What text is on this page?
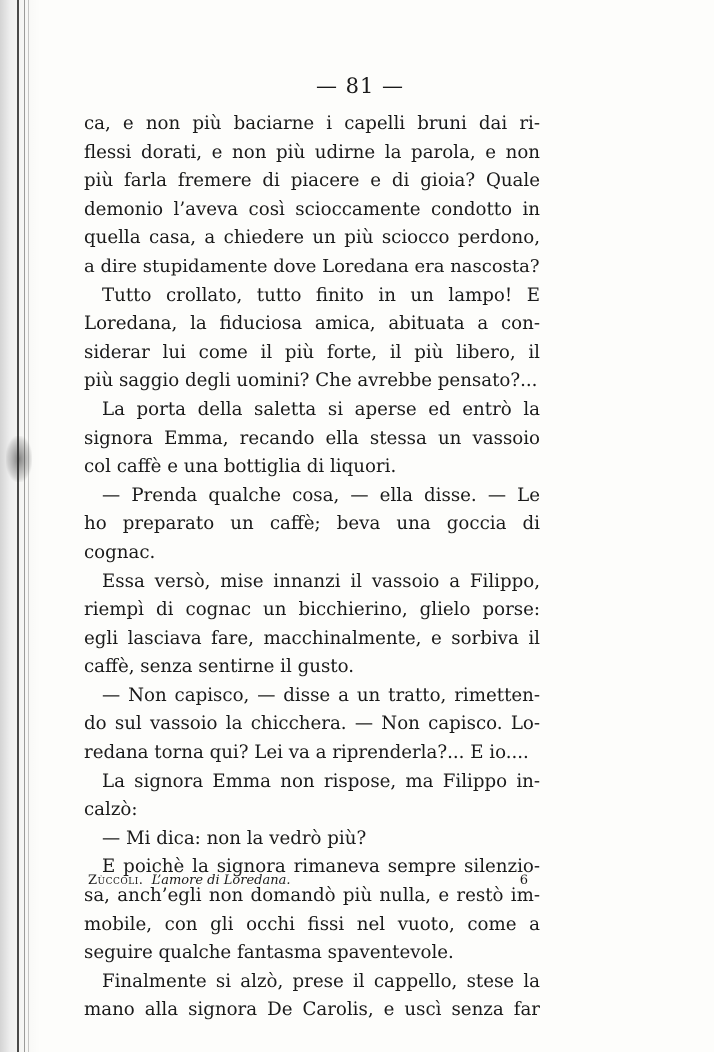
— 81 —
ca, e non più baciarne i capelli bruni dai ri-
flessi dorati, e non più udirne la parola, e non
più farla fremere di piacere e di gioia? Quale
demonio l’aveva così scioccamente condotto in
quella casa, a chiedere un più sciocco perdono,
a dire stupidamente dove Loredana era nascosta?
Tutto crollato, tutto finito in un lampo! E
Loredana, la fiduciosa amica, abituata a con-
siderar lui come il più forte, il più libero, il
più saggio degli uomini? Che avrebbe pensato?...
La porta della saletta si aperse ed entrò la
signora Emma, recando ella stessa un vassoio
col caffè e una bottiglia di liquori.
— Prenda qualche cosa, — ella disse. — Le
ho preparato un caffè; beva una goccia di
cognac.
Essa versò, mise innanzi il vassoio a Filippo,
riempì di cognac un bicchierino, glielo porse:
egli lasciava fare, macchinalmente, e sorbiva il
caffè, senza sentirne il gusto.
— Non capisco, — disse a un tratto, rimetten-
do sul vassoio la chicchera. — Non capisco. Lo-
redana torna qui? Lei va a riprenderla?... E io....
La signora Emma non rispose, ma Filippo in-
calzò:
— Mi dica: non la vedrò più?
E poichè la signora rimaneva sempre silenzio-
sa, anch’egli non domandò più nulla, e restò im-
mobile, con gli occhi fissi nel vuoto, come a
seguire qualche fantasma spaventevole.
Finalmente si alzò, prese il cappello, stese la
mano alla signora De Carolis, e uscì senza far
Zùccoli. L’amore di Loredana.	6
